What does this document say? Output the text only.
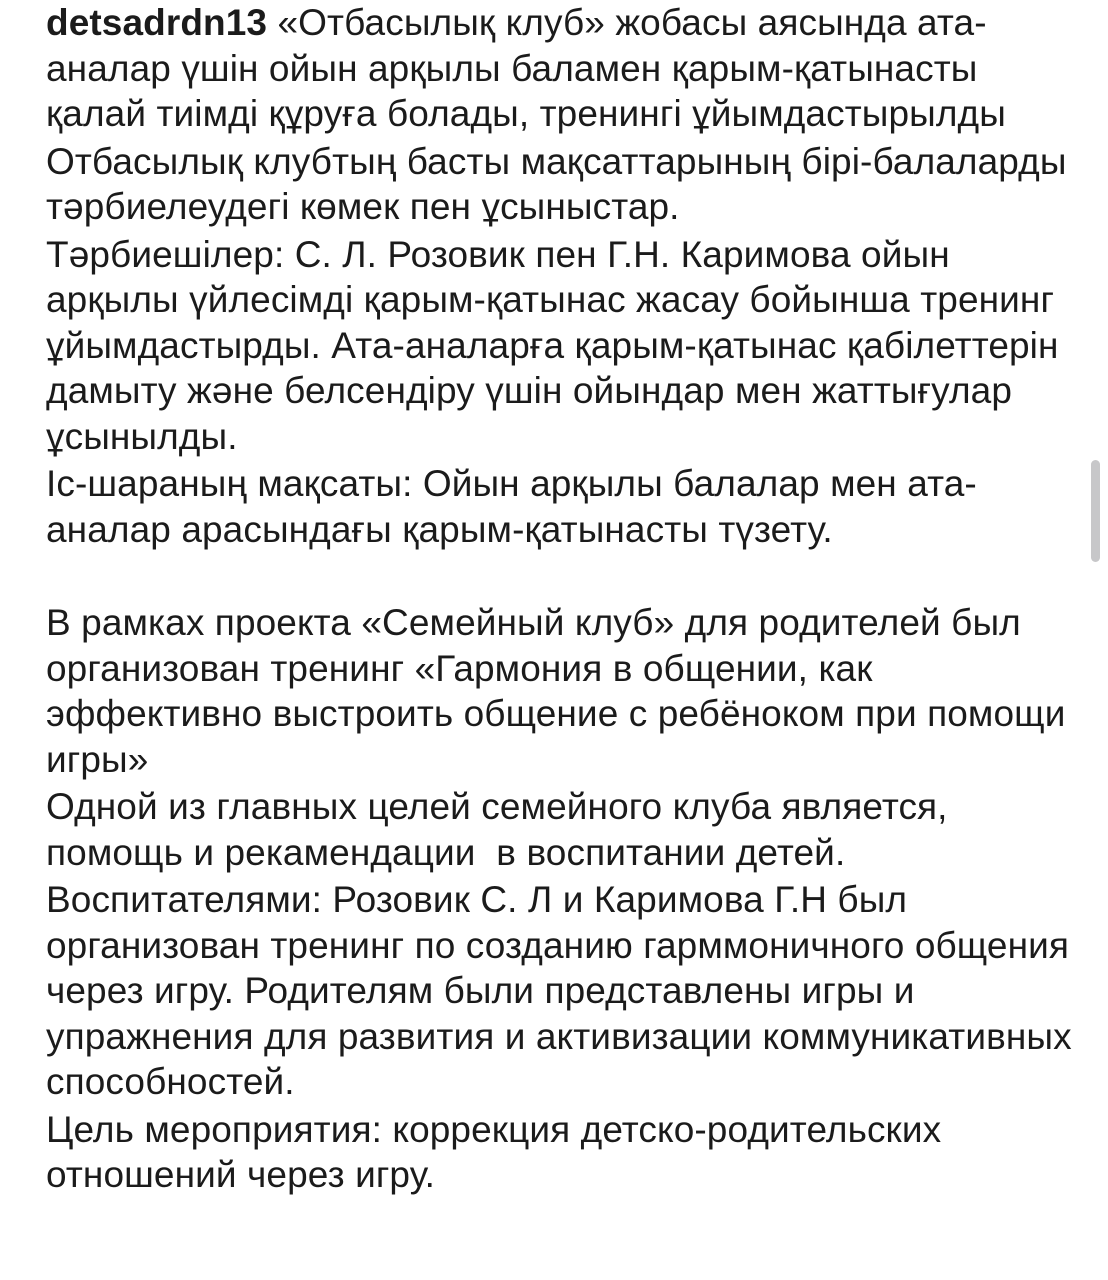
detsadrdn13 «Отбасылық клуб» жобасы аясында ата-аналар үшін ойын арқылы баламен қарым-қатынасты қалай тиімді құруға болады, тренингі ұйымдастырылды

Отбасылық клубтың басты мақсаттарының бірі-балаларды тәрбиелеудегі көмек пен ұсыныстар.

Тәрбиешілер: С. Л. Розовик пен Г.Н. Каримова ойын арқылы үйлесімді қарым-қатынас жасау бойынша тренинг ұйымдастырды. Ата-аналарға қарым-қатынас қабілеттерін дамыту және белсендіру үшін ойындар мен жаттығулар ұсынылды.

Іс-шараның мақсаты: Ойын арқылы балалар мен ата-аналар арасындағы қарым-қатынасты түзету.

В рамках проекта «Семейный клуб» для родителей был организован тренинг «Гармония в общении, как эффективно выстроить общение с ребёноком при помощи игры»

Одной из главных целей семейного клуба является, помощь и рекамендации  в воспитании детей.

Воспитателями: Розовик С. Л и Каримова Г.Н был организован тренинг по созданию гарммоничного общения через игру. Родителям были представлены игры и упражнения для развития и активизации коммуникативных способностей.

Цель мероприятия: коррекция детско-родительских отношений через игру.
